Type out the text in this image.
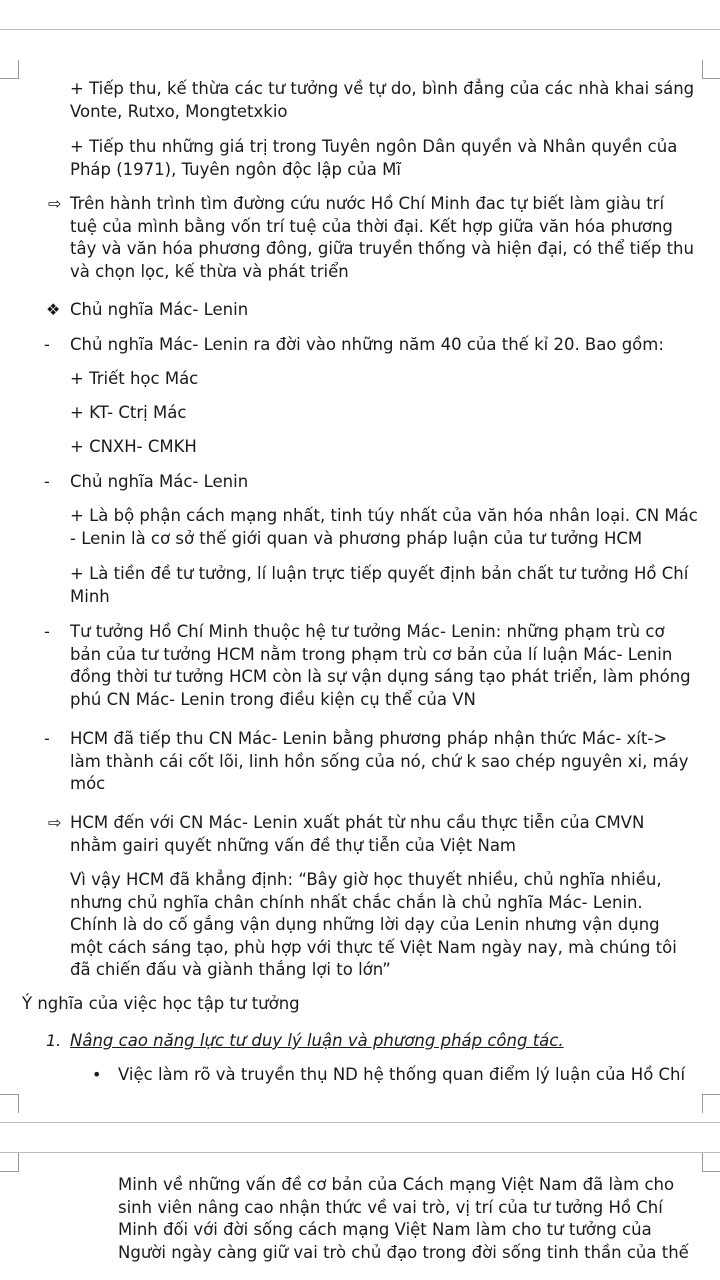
+ Tiếp thu, kế thừa các tư tưởng về tự do, bình đẳng của các nhà khai sáng
Vonte, Rutxo, Mongtetxkio
+ Tiếp thu những giá trị trong Tuyên ngôn Dân quyền và Nhân quyền của
Pháp (1971), Tuyên ngôn độc lập của Mĩ
⇨ Trên hành trình tìm đường cứu nước Hồ Chí Minh đac tự biết làm giàu trí
tuệ của mình bằng vốn trí tuệ của thời đại. Kết hợp giữa văn hóa phương
tây và văn hóa phương đông, giữa truyền thống và hiện đại, có thể tiếp thu
và chọn lọc, kế thừa và phát triển
❖ Chủ nghĩa Mác- Lenin
- Chủ nghĩa Mác- Lenin ra đời vào những năm 40 của thế kỉ 20. Bao gồm:
+ Triết học Mác
+ KT- Ctrị Mác
+ CNXH- CMKH
- Chủ nghĩa Mác- Lenin
+ Là bộ phận cách mạng nhất, tinh túy nhất của văn hóa nhân loại. CN Mác
- Lenin là cơ sở thế giới quan và phương pháp luận của tư tưởng HCM
+ Là tiền đề tư tưởng, lí luận trực tiếp quyết định bản chất tư tưởng Hồ Chí
Minh
- Tư tưởng Hồ Chí Minh thuộc hệ tư tưởng Mác- Lenin: những phạm trù cơ
bản của tư tưởng HCM nằm trong phạm trù cơ bản của lí luận Mác- Lenin
đồng thời tư tưởng HCM còn là sự vận dụng sáng tạo phát triển, làm phóng
phú CN Mác- Lenin trong điều kiện cụ thể của VN
- HCM đã tiếp thu CN Mác- Lenin bằng phương pháp nhận thức Mác- xít->
làm thành cái cốt lõi, linh hồn sống của nó, chứ k sao chép nguyên xi, máy
móc
⇨ HCM đến với CN Mác- Lenin xuất phát từ nhu cầu thực tiễn của CMVN
nhằm gairi quyết những vấn đề thự tiễn của Việt Nam
Vì vậy HCM đã khẳng định: “Bây giờ học thuyết nhiều, chủ nghĩa nhiều,
nhưng chủ nghĩa chân chính nhất chắc chắn là chủ nghĩa Mác- Lenin.
Chính là do cố gắng vận dụng những lời dạy của Lenin nhưng vận dụng
một cách sáng tạo, phù hợp với thực tế Việt Nam ngày nay, mà chúng tôi
đã chiến đấu và giành thắng lợi to lớn”
Ý nghĩa của việc học tập tư tưởng
1. Nâng cao năng lực tư duy lý luận và phương pháp công tác.
• Việc làm rõ và truyền thụ ND hệ thống quan điểm lý luận của Hồ Chí
Minh về những vấn đề cơ bản của Cách mạng Việt Nam đã làm cho
sinh viên nâng cao nhận thức về vai trò, vị trí của tư tưởng Hồ Chí
Minh đối với đời sống cách mạng Việt Nam làm cho tư tưởng của
Người ngày càng giữ vai trò chủ đạo trong đời sống tinh thần của thế
